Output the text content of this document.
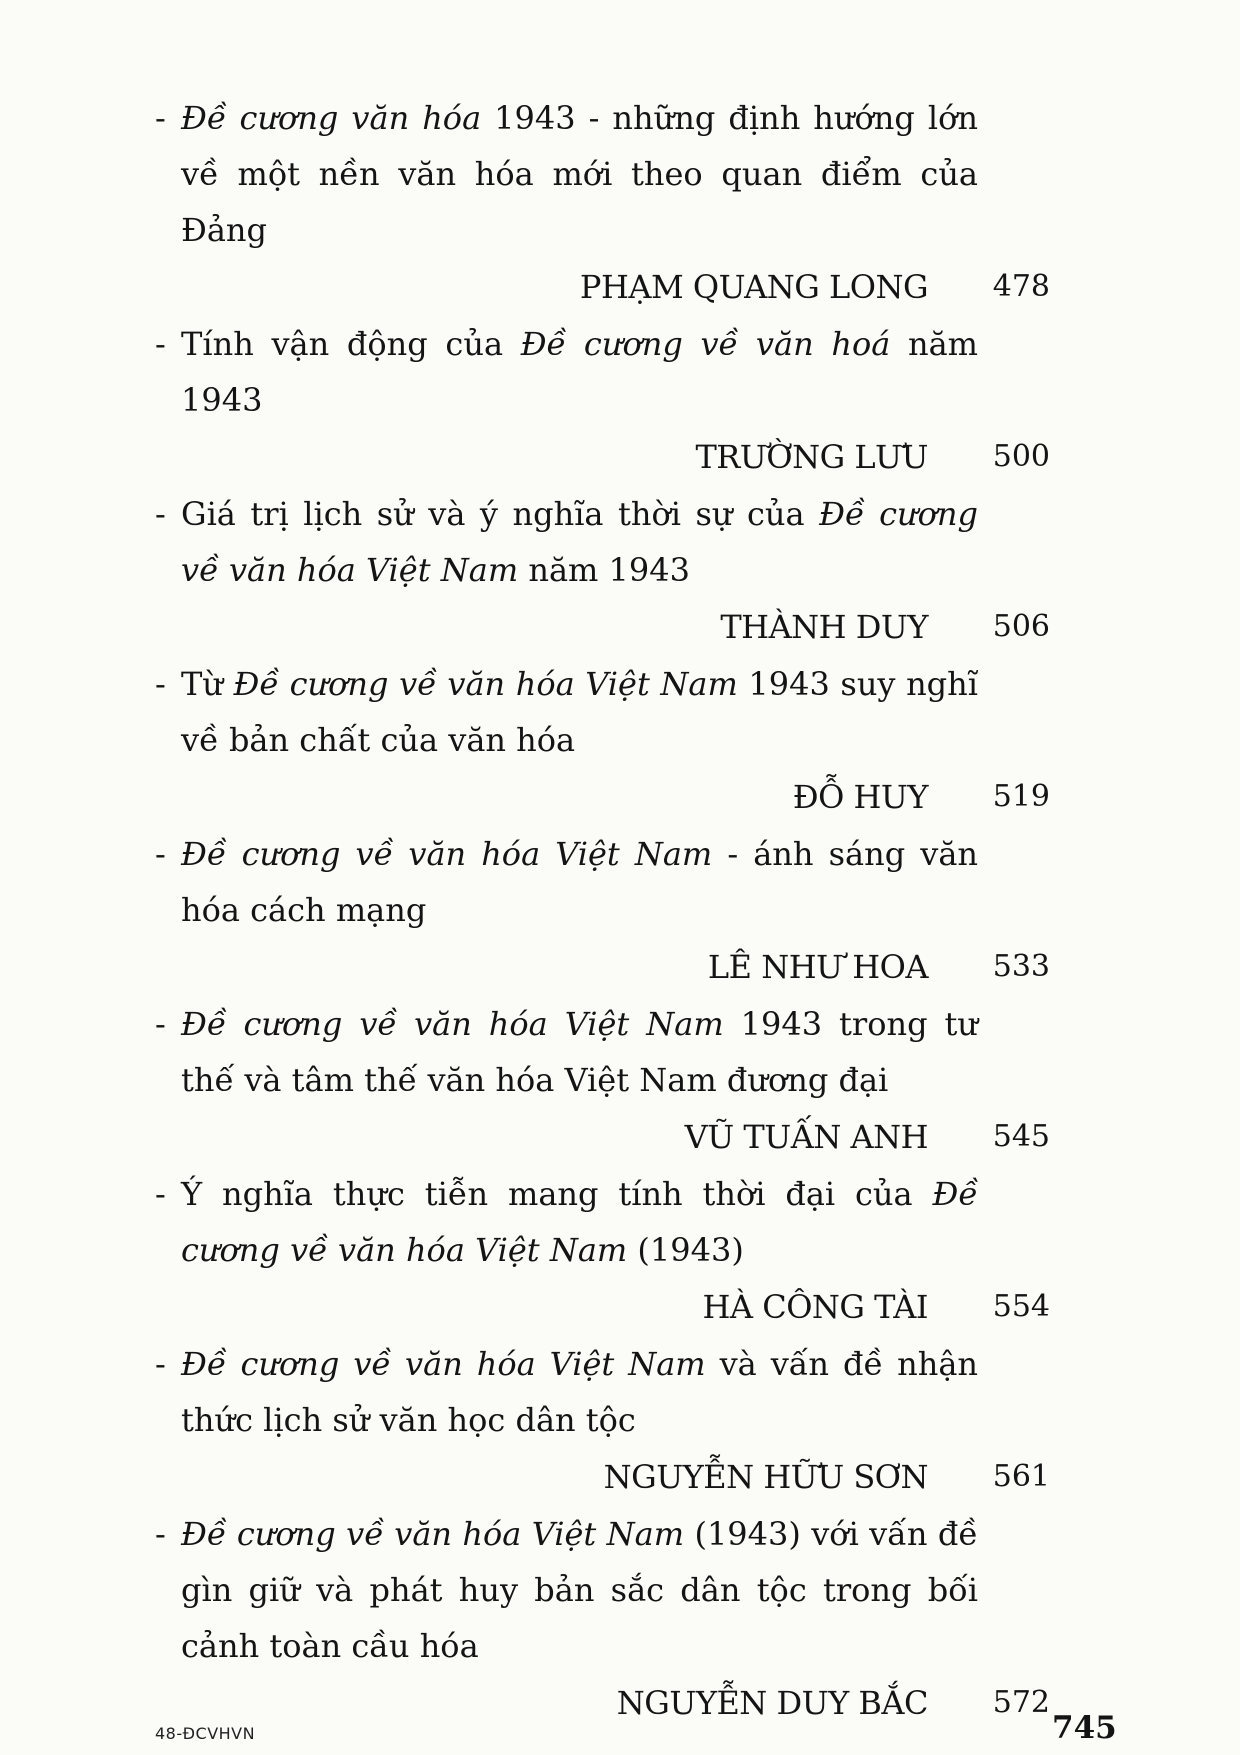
- Đề cương văn hóa 1943 - những định hướng lớn về một nền văn hóa mới theo quan điểm của Đảng
PHẠM QUANG LONG 478
- Tính vận động của Đề cương về văn hoá năm 1943
TRƯỜNG LƯU 500
- Giá trị lịch sử và ý nghĩa thời sự của Đề cương về văn hóa Việt Nam năm 1943
THÀNH DUY 506
- Từ Đề cương về văn hóa Việt Nam 1943 suy nghĩ về bản chất của văn hóa
ĐỖ HUY 519
- Đề cương về văn hóa Việt Nam - ánh sáng văn hóa cách mạng
LÊ NHƯ HOA 533
- Đề cương về văn hóa Việt Nam 1943 trong tư thế và tâm thế văn hóa Việt Nam đương đại
VŨ TUẤN ANH 545
- Ý nghĩa thực tiễn mang tính thời đại của Đề cương về văn hóa Việt Nam (1943)
HÀ CÔNG TÀI 554
- Đề cương về văn hóa Việt Nam và vấn đề nhận thức lịch sử văn học dân tộc
NGUYỄN HỮU SƠN 561
- Đề cương về văn hóa Việt Nam (1943) với vấn đề gìn giữ và phát huy bản sắc dân tộc trong bối cảnh toàn cầu hóa
NGUYỄN DUY BẮC 572
48-ĐCVHVN	745
